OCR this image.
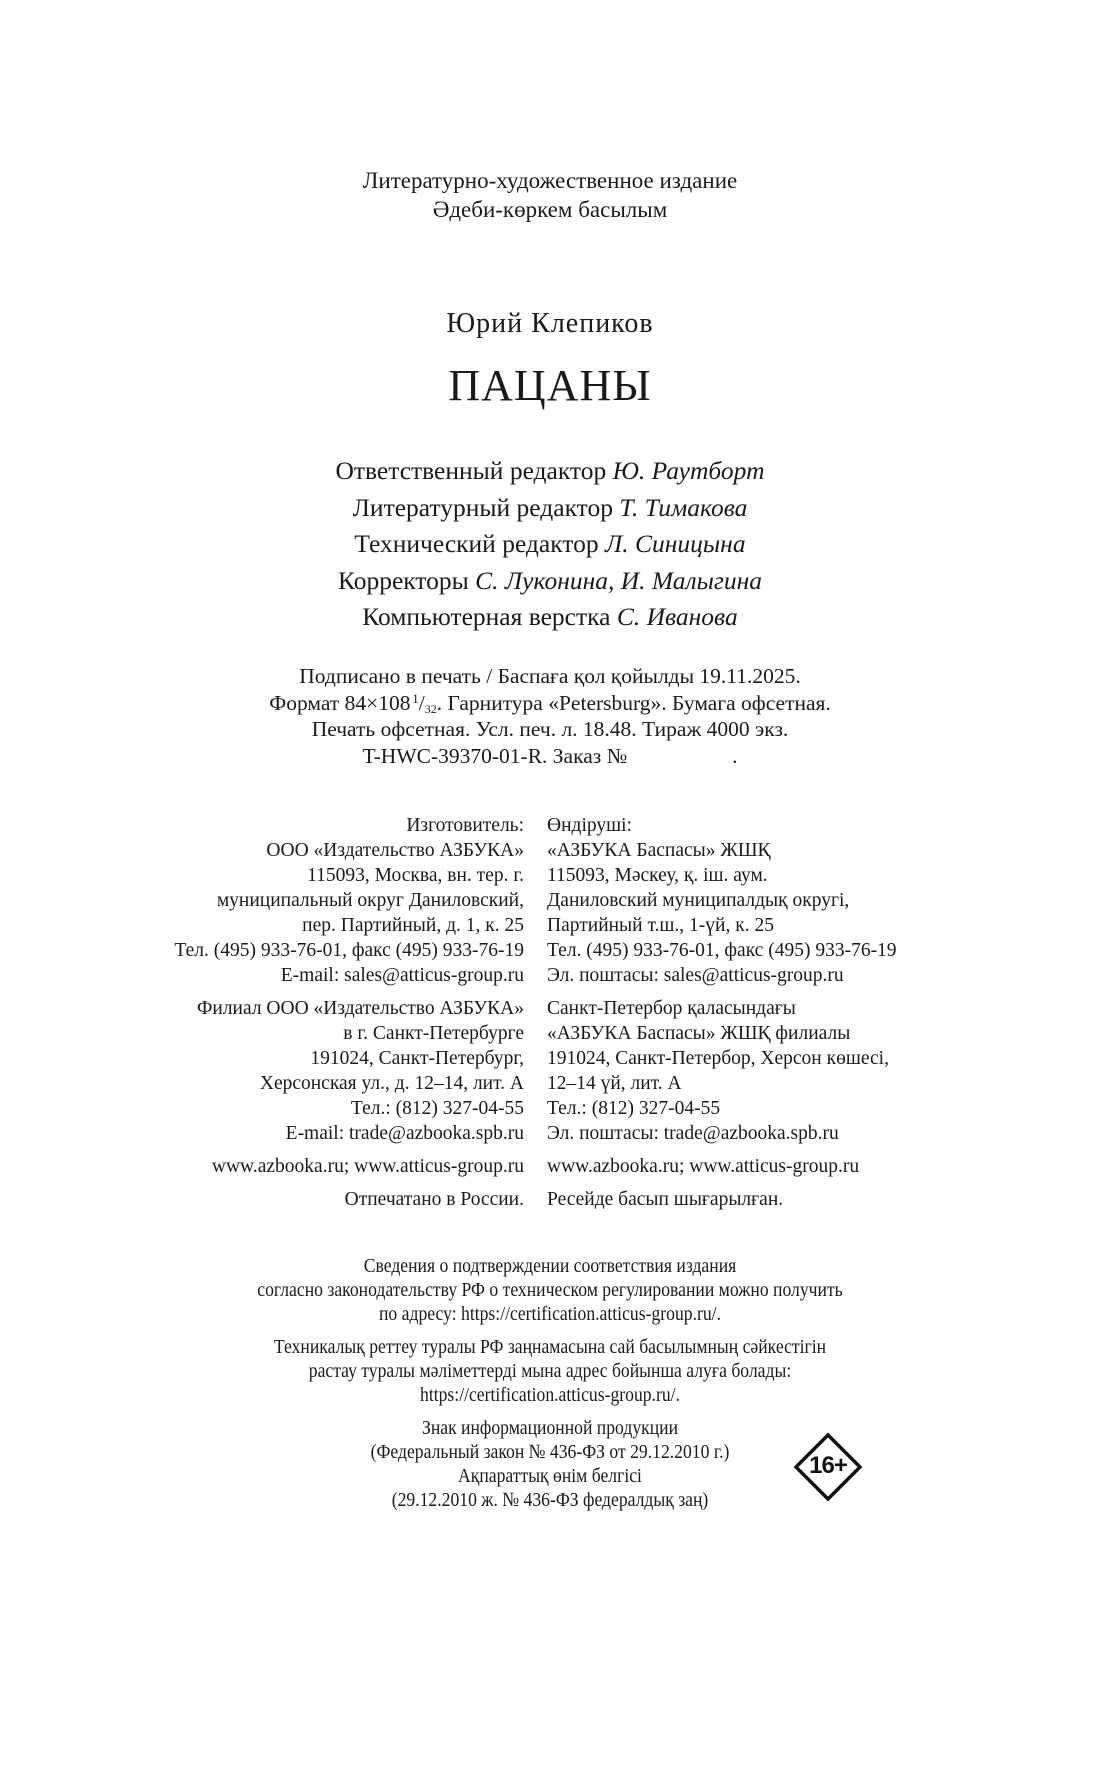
Литературно-художественное издание
Әдеби-көркем басылым
Юрий Клепиков
ПАЦАНЫ
Ответственный редактор Ю. Раутборт
Литературный редактор Т. Тимакова
Технический редактор Л. Синицына
Корректоры С. Луконина, И. Малыгина
Компьютерная верстка С. Иванова
Подписано в печать / Баспаға қол қойылды 19.11.2025.
Формат 84×108  $^1/_{32}$. Гарнитура «Petersburg». Бумага офсетная.
Печать офсетная. Усл. печ. л. 18.48. Тираж 4000 экз.
T-HWC-39370-01-R. Заказ №	.
Изготовитель:
ООО «Издательство АЗБУКА»
115093, Москва, вн. тер. г.
муниципальный округ Даниловский,
пер. Партийный, д. 1, к. 25
Тел. (495) 933-76-01, факс (495) 933-76-19
E-mail: sales@atticus-group.ru
Филиал ООО «Издательство АЗБУКА»
в г. Санкт-Петербурге
191024, Санкт-Петербург,
Херсонская ул., д. 12–14, лит. А
Тел.: (812) 327-04-55
E-mail: trade@azbooka.spb.ru
www.azbooka.ru; www.atticus-group.ru
Отпечатано в России.
Өндіруші:
«АЗБУКА Баспасы» ЖШҚ
115093, Мәскеу, қ. іш. аум.
Даниловский муниципалдық округі,
Партийный т.ш., 1-үй, к. 25
Тел. (495) 933-76-01, факс (495) 933-76-19
Эл. поштасы: sales@atticus-group.ru
Санкт-Петербор қаласындағы
«АЗБУКА Баспасы» ЖШҚ филиалы
191024, Санкт-Петербор, Херсон көшесі,
12–14 үй, лит. А
Тел.: (812) 327-04-55
Эл. поштасы: trade@azbooka.spb.ru
www.azbooka.ru; www.atticus-group.ru
Ресейде басып шығарылған.
Сведения о подтверждении соответствия издания
согласно законодательству РФ о техническом регулировании можно получить
по адресу: https://certification.atticus-group.ru/.
Техникалық реттеу туралы РФ заңнамасына сай басылымның сәйкестігін
растау туралы мәліметтерді мына адрес бойынша алуға болады:
https://certification.atticus-group.ru/.
Знак информационной продукции
(Федеральный закон № 436-ФЗ от 29.12.2010 г.)
Ақпараттық өнім белгісі
(29.12.2010 ж. № 436-ФЗ федералдық заң)
16+
